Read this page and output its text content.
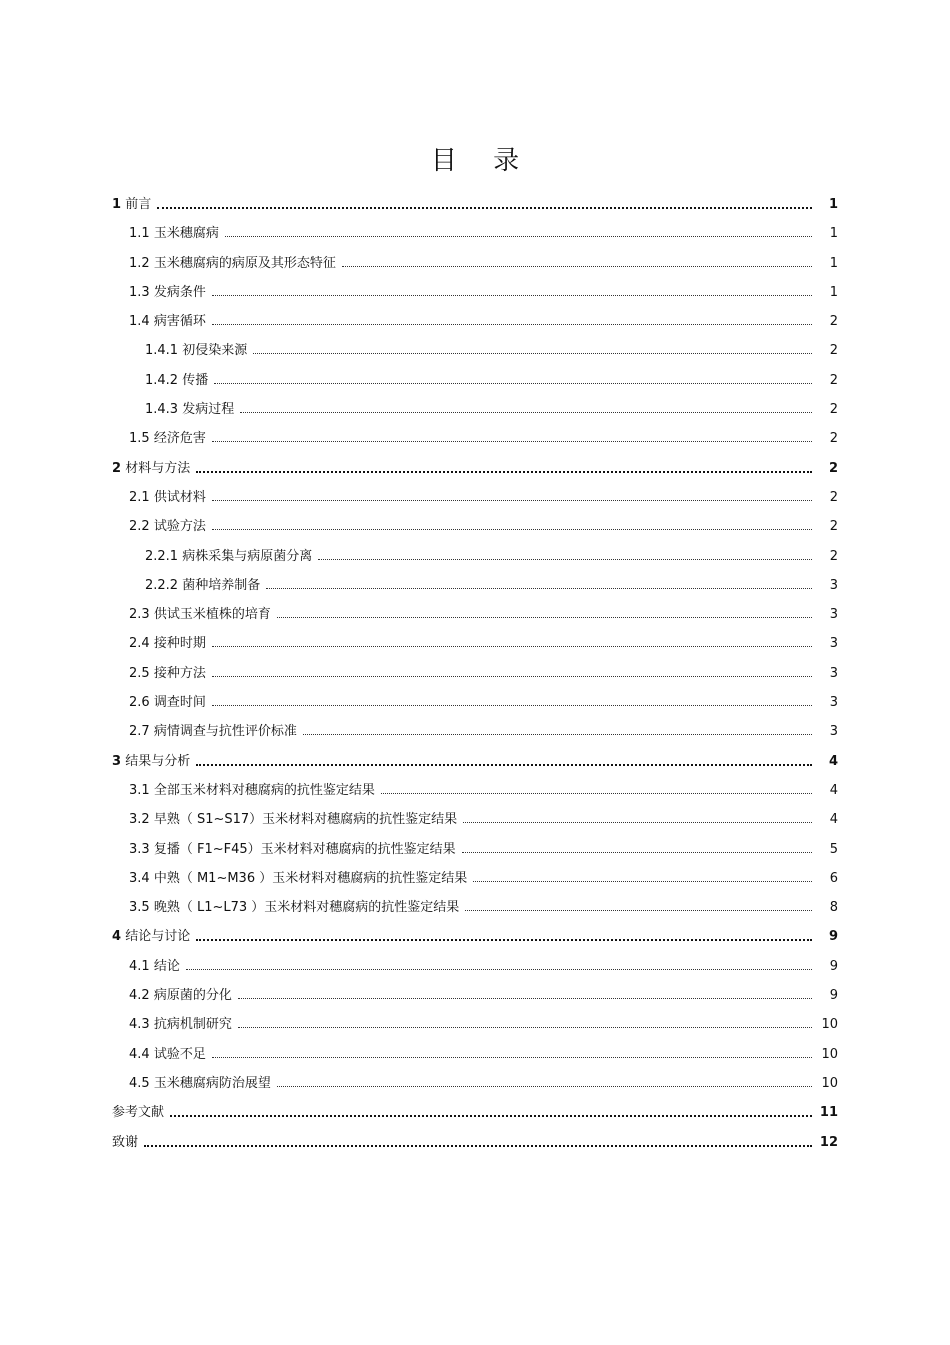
目 录
1 前言	1
1.1 玉米穗腐病	1
1.2 玉米穗腐病的病原及其形态特征	1
1.3 发病条件	1
1.4 病害循环	2
1.4.1 初侵染来源	2
1.4.2 传播	2
1.4.3 发病过程	2
1.5 经济危害	2
2 材料与方法	2
2.1 供试材料	2
2.2 试验方法	2
2.2.1 病株采集与病原菌分离	2
2.2.2 菌种培养制备	3
2.3 供试玉米植株的培育	3
2.4 接种时期	3
2.5 接种方法	3
2.6 调查时间	3
2.7 病情调查与抗性评价标准	3
3 结果与分析	4
3.1 全部玉米材料对穗腐病的抗性鉴定结果	4
3.2 早熟（ S1~S17）玉米材料对穗腐病的抗性鉴定结果	4
3.3 复播（ F1~F45）玉米材料对穗腐病的抗性鉴定结果	5
3.4 中熟（ M1~M36 ）玉米材料对穗腐病的抗性鉴定结果	6
3.5 晚熟（ L1~L73 ）玉米材料对穗腐病的抗性鉴定结果	8
4 结论与讨论	9
4.1 结论	9
4.2 病原菌的分化	9
4.3 抗病机制研究	10
4.4 试验不足	10
4.5 玉米穗腐病防治展望	10
参考文献	11
致谢	12
